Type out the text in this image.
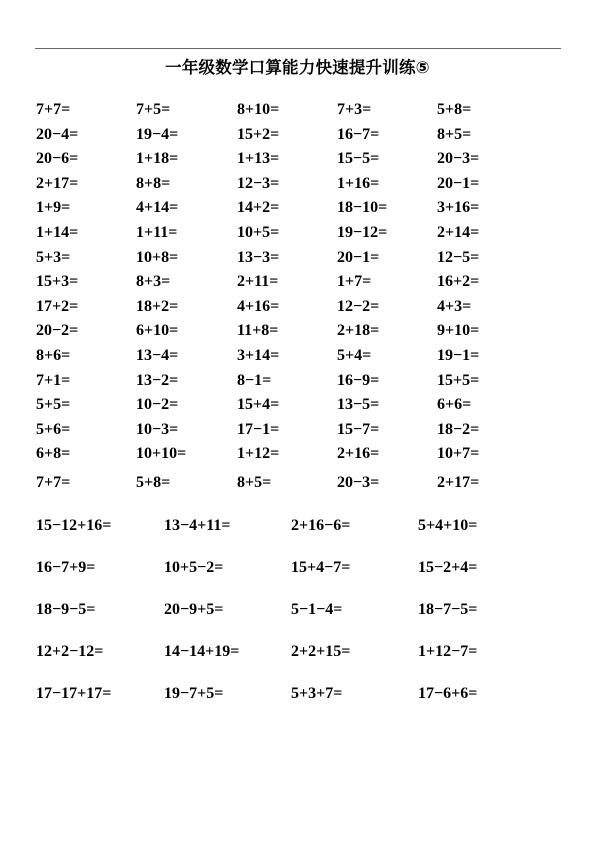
一年级数学口算能力快速提升训练⑤
7+7=	7+5=	8+10=	7+3=	5+8=
20−4=	19−4=	15+2=	16−7=	8+5=
20−6=	1+18=	1+13=	15−5=	20−3=
2+17=	8+8=	12−3=	1+16=	20−1=
1+9=	4+14=	14+2=	18−10=	3+16=
1+14=	1+11=	10+5=	19−12=	2+14=
5+3=	10+8=	13−3=	20−1=	12−5=
15+3=	8+3=	2+11=	1+7=	16+2=
17+2=	18+2=	4+16=	12−2=	4+3=
20−2=	6+10=	11+8=	2+18=	9+10=
8+6=	13−4=	3+14=	5+4=	19−1=
7+1=	13−2=	8−1=	16−9=	15+5=
5+5=	10−2=	15+4=	13−5=	6+6=
5+6=	10−3=	17−1=	15−7=	18−2=
6+8=	10+10=	1+12=	2+16=	10+7=
7+7=	5+8=	8+5=	20−3=	2+17=
15−12+16=	13−4+11=	2+16−6=	5+4+10=
16−7+9=	10+5−2=	15+4−7=	15−2+4=
18−9−5=	20−9+5=	5−1−4=	18−7−5=
12+2−12=	14−14+19=	2+2+15=	1+12−7=
17−17+17=	19−7+5=	5+3+7=	17−6+6=
